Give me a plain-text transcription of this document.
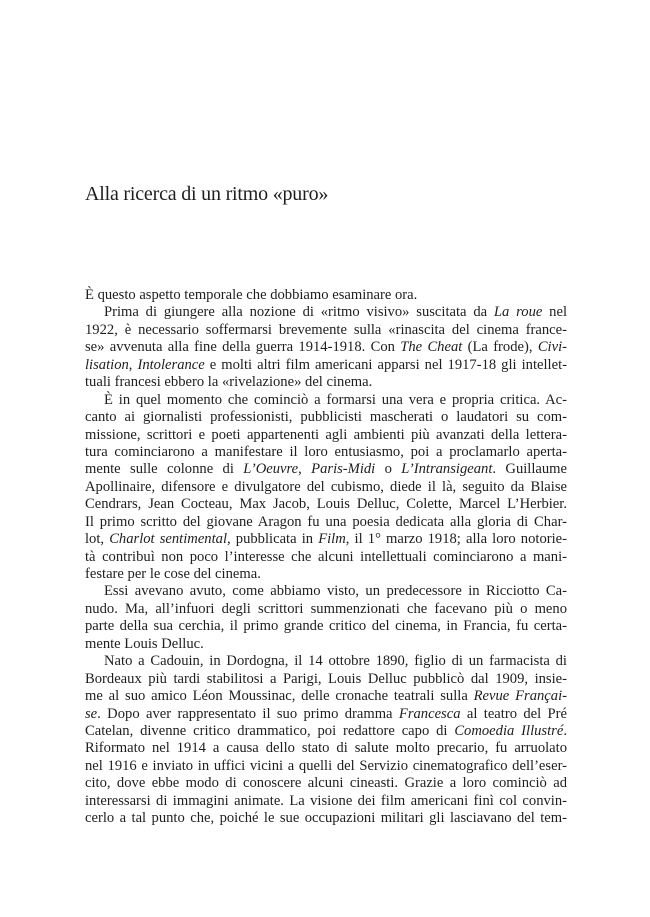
Alla ricerca di un ritmo «puro»
È questo aspetto temporale che dobbiamo esaminare ora.
Prima di giungere alla nozione di «ritmo visivo» suscitata da La roue nel
1922, è necessario soffermarsi brevemente sulla «rinascita del cinema france-
se» avvenuta alla fine della guerra 1914-1918. Con The Cheat (La frode), Civi-
lisation, Intolerance e molti altri film americani apparsi nel 1917-18 gli intellet-
tuali francesi ebbero la «rivelazione» del cinema.
È in quel momento che cominciò a formarsi una vera e propria critica. Ac-
canto ai giornalisti professionisti, pubblicisti mascherati o laudatori su com-
missione, scrittori e poeti appartenenti agli ambienti più avanzati della lettera-
tura cominciarono a manifestare il loro entusiasmo, poi a proclamarlo aperta-
mente sulle colonne di L’Oeuvre, Paris-Midi o L’Intransigeant. Guillaume
Apollinaire, difensore e divulgatore del cubismo, diede il là, seguito da Blaise
Cendrars, Jean Cocteau, Max Jacob, Louis Delluc, Colette, Marcel L’Herbier.
Il primo scritto del giovane Aragon fu una poesia dedicata alla gloria di Char-
lot, Charlot sentimental, pubblicata in Film, il 1° marzo 1918; alla loro notorie-
tà contribuì non poco l’interesse che alcuni intellettuali cominciarono a mani-
festare per le cose del cinema.
Essi avevano avuto, come abbiamo visto, un predecessore in Ricciotto Ca-
nudo. Ma, all’infuori degli scrittori summenzionati che facevano più o meno
parte della sua cerchia, il primo grande critico del cinema, in Francia, fu certa-
mente Louis Delluc.
Nato a Cadouin, in Dordogna, il 14 ottobre 1890, figlio di un farmacista di
Bordeaux più tardi stabilitosi a Parigi, Louis Delluc pubblicò dal 1909, insie-
me al suo amico Léon Moussinac, delle cronache teatrali sulla Revue Françai-
se. Dopo aver rappresentato il suo primo dramma Francesca al teatro del Pré
Catelan, divenne critico drammatico, poi redattore capo di Comoedia Illustré.
Riformato nel 1914 a causa dello stato di salute molto precario, fu arruolato
nel 1916 e inviato in uffici vicini a quelli del Servizio cinematografico dell’eser-
cito, dove ebbe modo di conoscere alcuni cineasti. Grazie a loro cominciò ad
interessarsi di immagini animate. La visione dei film americani finì col convin-
cerlo a tal punto che, poiché le sue occupazioni militari gli lasciavano del tem-
